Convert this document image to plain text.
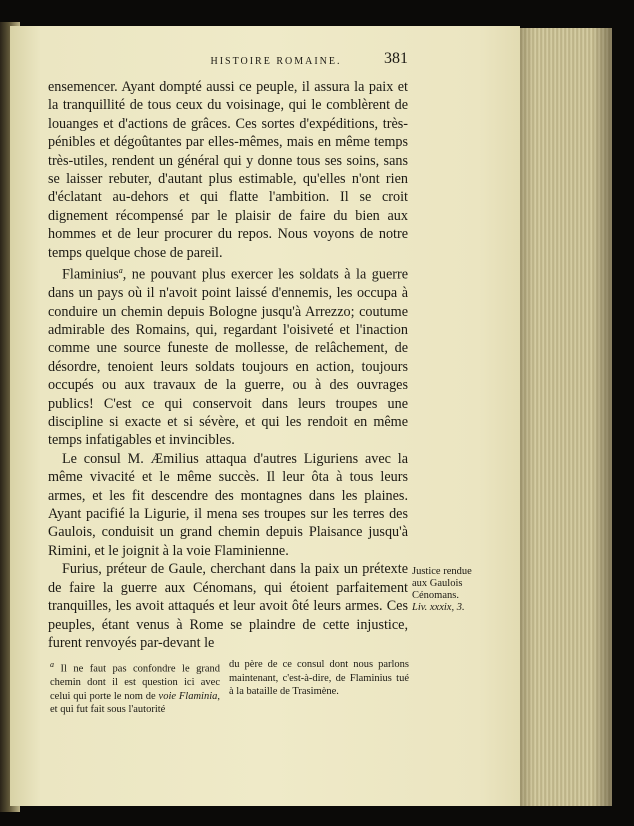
HISTOIRE ROMAINE.	381

ensemencer. Ayant dompté aussi ce peuple, il assura la paix et la tranquillité de tous ceux du voisinage, qui le comblèrent de louanges et d'actions de grâces. Ces sortes d'expéditions, très-pénibles et dégoûtantes par elles-mêmes, mais en même temps très-utiles, rendent un général qui y donne tous ses soins, sans se laisser rebuter, d'autant plus estimable, qu'elles n'ont rien d'éclatant au-dehors et qui flatte l'ambition. Il se croit dignement récompensé par le plaisir de faire du bien aux hommes et de leur procurer du repos. Nous voyons de notre temps quelque chose de pareil.

Flaminius$^a$, ne pouvant plus exercer les soldats à la guerre dans un pays où il n'avoit point laissé d'ennemis, les occupa à conduire un chemin depuis Bologne jusqu'à Arrezzo; coutume admirable des Romains, qui, regardant l'oisiveté et l'inaction comme une source funeste de mollesse, de relâchement, de désordre, tenoient leurs soldats toujours en action, toujours occupés ou aux travaux de la guerre, ou à des ouvrages publics! C'est ce qui conservoit dans leurs troupes une discipline si exacte et si sévère, et qui les rendoit en même temps infatigables et invincibles.

Le consul M. Æmilius attaqua d'autres Liguriens avec la même vivacité et le même succès. Il leur ôta à tous leurs armes, et les fit descendre des montagnes dans les plaines. Ayant pacifié la Ligurie, il mena ses troupes sur les terres des Gaulois, conduisit un grand chemin depuis Plaisance jusqu'à Rimini, et le joignit à la voie Flaminienne.

Furius, préteur de Gaule, cherchant dans la paix un prétexte de faire la guerre aux Cénomans, qui étoient parfaitement tranquilles, les avoit attaqués et leur avoit ôté leurs armes. Ces peuples, étant venus à Rome se plaindre de cette injustice, furent renvoyés par-devant le

Justice rendue aux Gaulois Cénomans.
Liv. xxxix, 3.
$^a$ Il ne faut pas confondre le grand chemin dont il est question ici avec celui qui porte le nom de voie Flaminia, et qui fut fait sous l'autorité
du père de ce consul dont nous parlons maintenant, c'est-à-dire, de Flaminius tué à la bataille de Trasimène.
